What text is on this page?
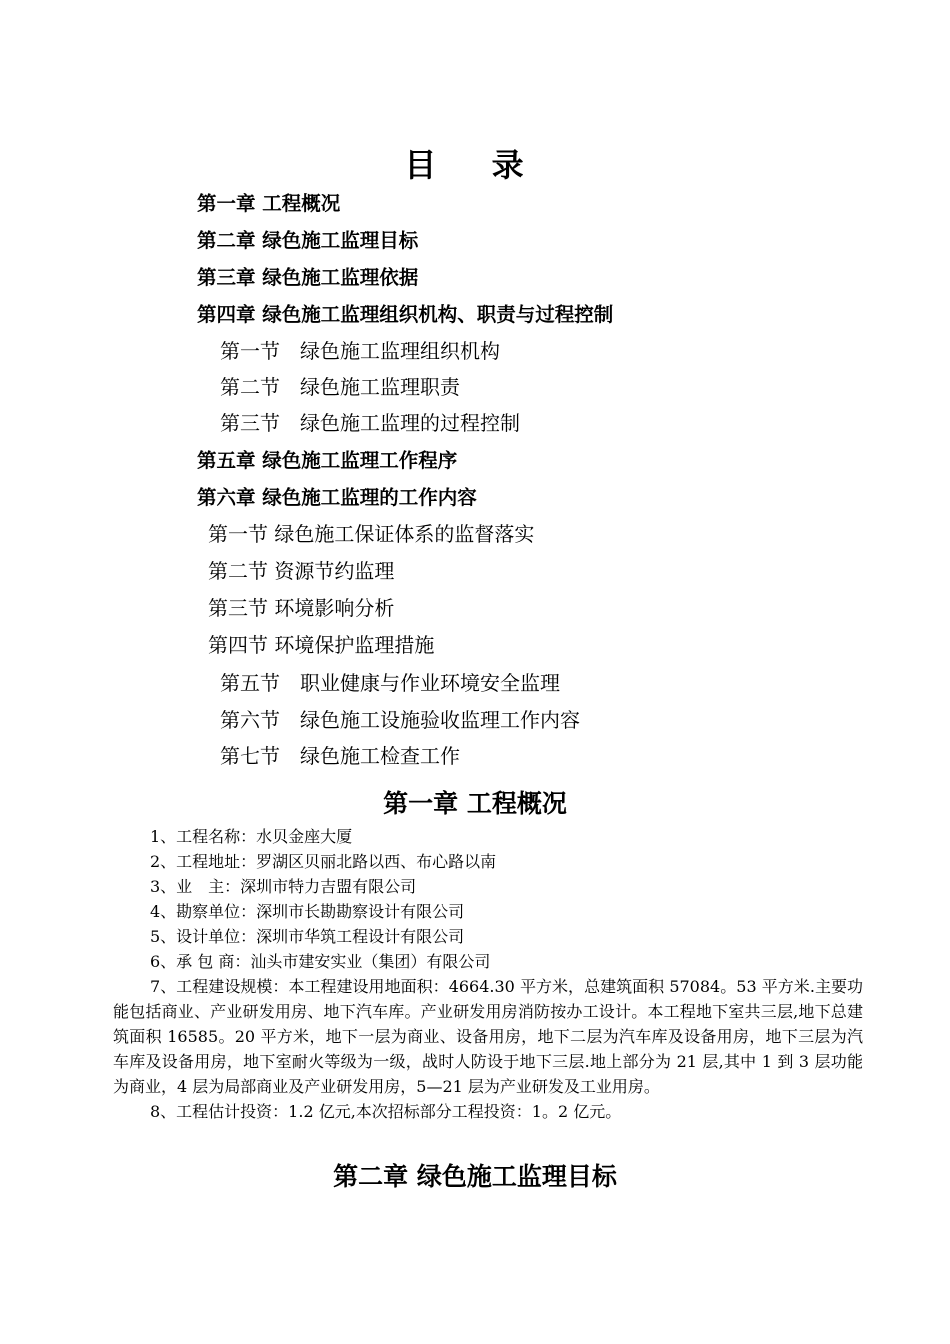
目 录
第一章 工程概况
第二章 绿色施工监理目标
第三章 绿色施工监理依据
第四章 绿色施工监理组织机构、职责与过程控制
第一节　绿色施工监理组织机构
第二节　绿色施工监理职责
第三节　绿色施工监理的过程控制
第五章 绿色施工监理工作程序
第六章 绿色施工监理的工作内容
第一节 绿色施工保证体系的监督落实
第二节 资源节约监理
第三节 环境影响分析
第四节 环境保护监理措施
第五节　职业健康与作业环境安全监理
第六节　绿色施工设施验收监理工作内容
第七节　绿色施工检查工作
第一章 工程概况
1、工程名称：水贝金座大厦
2、工程地址：罗湖区贝丽北路以西、布心路以南
3、业　主：深圳市特力吉盟有限公司
4、勘察单位：深圳市长勘勘察设计有限公司
5、设计单位：深圳市华筑工程设计有限公司
6、承 包 商：汕头市建安实业（集团）有限公司
7、工程建设规模：本工程建设用地面积：4664.30 平方米，总建筑面积 57084。53 平方米.主要功能包括商业、产业研发用房、地下汽车库。产业研发用房消防按办工设计。本工程地下室共三层,地下总建筑面积 16585。20 平方米，地下一层为商业、设备用房，地下二层为汽车库及设备用房，地下三层为汽车库及设备用房，地下室耐火等级为一级，战时人防设于地下三层.地上部分为 21 层,其中 1 到 3 层功能为商业，4 层为局部商业及产业研发用房，5—21 层为产业研发及工业用房。
8、工程估计投资：1.2 亿元,本次招标部分工程投资：1。2 亿元。
第二章 绿色施工监理目标
